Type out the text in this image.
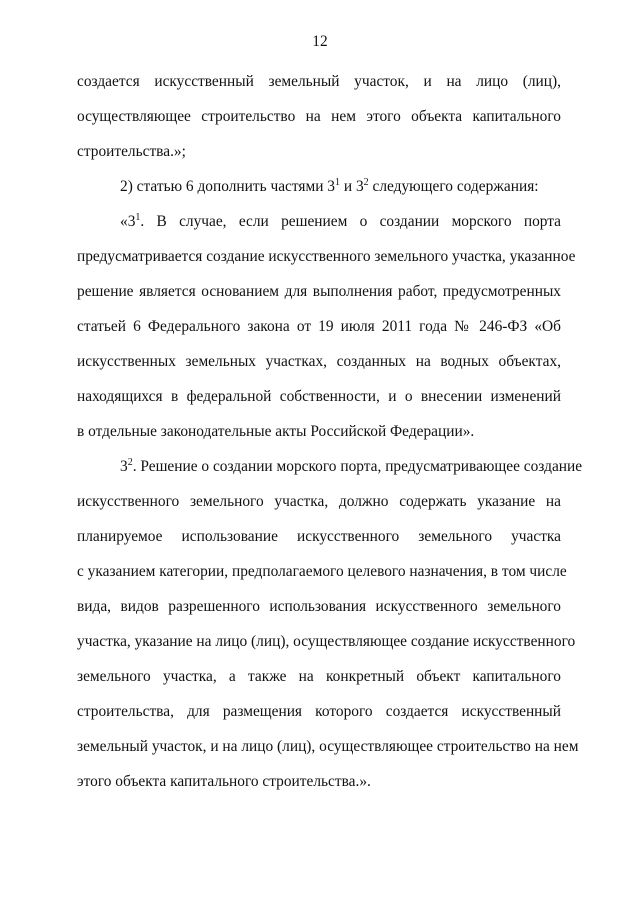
12
создается искусственный земельный участок, и на лицо (лиц),
осуществляющее строительство на нем этого объекта капитального
строительства.»;
2) статью 6 дополнить частями $3^1$ и $3^2$ следующего содержания:
«$3^1$. В случае, если решением о создании морского порта
предусматривается создание искусственного земельного участка, указанное
решение является основанием для выполнения работ, предусмотренных
статьей 6 Федерального закона от 19 июля 2011 года № 246-ФЗ «Об
искусственных земельных участках, созданных на водных объектах,
находящихся в федеральной собственности, и о внесении изменений
в отдельные законодательные акты Российской Федерации».
$3^2$. Решение о создании морского порта, предусматривающее создание
искусственного земельного участка, должно содержать указание на
планируемое использование искусственного земельного участка
с указанием категории, предполагаемого целевого назначения, в том числе
вида, видов разрешенного использования искусственного земельного
участка, указание на лицо (лиц), осуществляющее создание искусственного
земельного участка, а также на конкретный объект капитального
строительства, для размещения которого создается искусственный
земельный участок, и на лицо (лиц), осуществляющее строительство на нем
этого объекта капитального строительства.».
